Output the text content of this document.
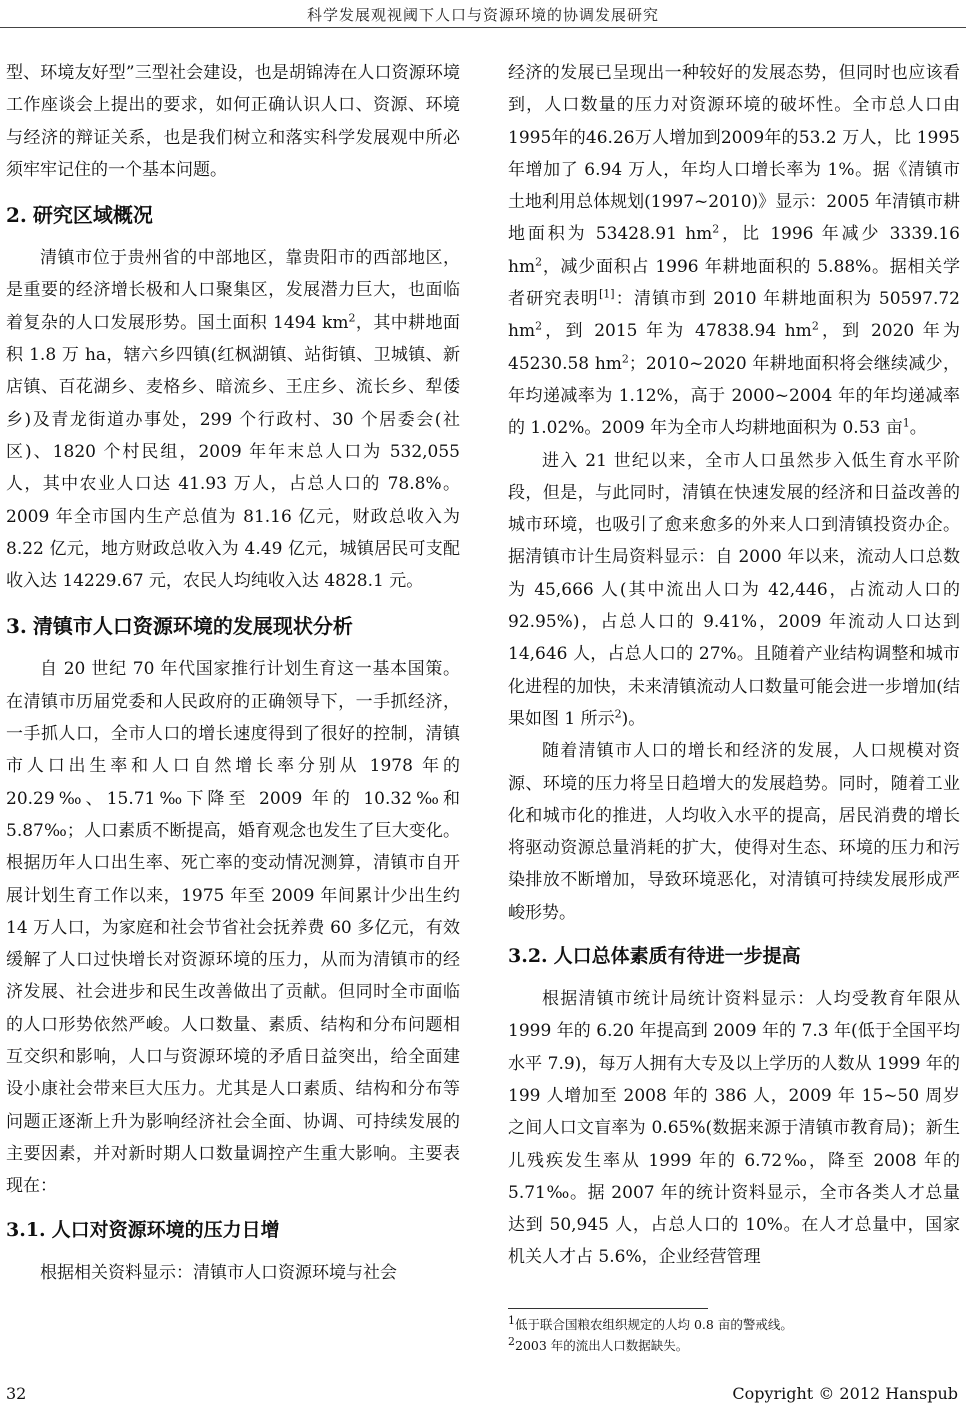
科学发展观视阈下人口与资源环境的协调发展研究

型、环境友好型”三型社会建设，也是胡锦涛在人口资源环境工作座谈会上提出的要求，如何正确认识人口、资源、环境与经济的辩证关系，也是我们树立和落实科学发展观中所必须牢牢记住的一个基本问题。

2. 研究区域概况

清镇市位于贵州省的中部地区，靠贵阳市的西部地区，是重要的经济增长极和人口聚集区，发展潜力巨大，也面临着复杂的人口发展形势。国土面积 1494 $km^2$，其中耕地面积 1.8 万 ha，辖六乡四镇(红枫湖镇、站街镇、卫城镇、新店镇、百花湖乡、麦格乡、暗流乡、王庄乡、流长乡、犁倭乡)及青龙街道办事处，299 个行政村、30 个居委会(社区)、1820 个村民组，2009 年年末总人口为 532,055 人，其中农业人口达 41.93 万人，占总人口的 78.8%。2009 年全市国内生产总值为 81.16 亿元，财政总收入为 8.22 亿元，地方财政总收入为 4.49 亿元，城镇居民可支配收入达 14229.67 元，农民人均纯收入达 4828.1 元。

3. 清镇市人口资源环境的发展现状分析

自 20 世纪 70 年代国家推行计划生育这一基本国策。在清镇市历届党委和人民政府的正确领导下，一手抓经济，一手抓人口，全市人口的增长速度得到了很好的控制，清镇市人口出生率和人口自然增长率分别从 1978 年的 20.29‰、15.71‰下降至 2009 年的 10.32‰和 5.87‰；人口素质不断提高，婚育观念也发生了巨大变化。根据历年人口出生率、死亡率的变动情况测算，清镇市自开展计划生育工作以来，1975 年至 2009 年间累计少出生约 14 万人口，为家庭和社会节省社会抚养费 60 多亿元，有效缓解了人口过快增长对资源环境的压力，从而为清镇市的经济发展、社会进步和民生改善做出了贡献。但同时全市面临的人口形势依然严峻。人口数量、素质、结构和分布问题相互交织和影响，人口与资源环境的矛盾日益突出，给全面建设小康社会带来巨大压力。尤其是人口素质、结构和分布等问题正逐渐上升为影响经济社会全面、协调、可持续发展的主要因素，并对新时期人口数量调控产生重大影响。主要表现在：

3.1. 人口对资源环境的压力日增

根据相关资料显示：清镇市人口资源环境与社会

经济的发展已呈现出一种较好的发展态势，但同时也应该看到，人口数量的压力对资源环境的破坏性。全市总人口由1995年的46.26万人增加到2009年的53.2 万人，比 1995 年增加了 6.94 万人，年均人口增长率为 1%。据《清镇市土地利用总体规划(1997~2010)》显示：2005 年清镇市耕地面积为 53428.91 $hm^2$，比 1996 年减少 3339.16 $hm^2$，减少面积占 1996 年耕地面积的 5.88%。据相关学者研究表明[1]：清镇市到 2010 年耕地面积为 50597.72 $hm^2$，到 2015 年为 47838.94 $hm^2$，到 2020 年为 45230.58 $hm^2$；2010~2020 年耕地面积将会继续减少，年均递减率为 1.12%，高于 2000~2004 年的年均递减率的 1.02%。2009 年为全市人均耕地面积为 0.53 亩$^1$。

进入 21 世纪以来，全市人口虽然步入低生育水平阶段，但是，与此同时，清镇在快速发展的经济和日益改善的城市环境，也吸引了愈来愈多的外来人口到清镇投资办企。据清镇市计生局资料显示：自 2000 年以来，流动人口总数为 45,666 人(其中流出人口为 42,446，占流动人口的 92.95%)，占总人口的 9.41%，2009 年流动人口达到 14,646 人，占总人口的 27%。且随着产业结构调整和城市化进程的加快，未来清镇流动人口数量可能会进一步增加(结果如图 1 所示$^2$)。

随着清镇市人口的增长和经济的发展，人口规模对资源、环境的压力将呈日趋增大的发展趋势。同时，随着工业化和城市化的推进，人均收入水平的提高，居民消费的增长将驱动资源总量消耗的扩大，使得对生态、环境的压力和污染排放不断增加，导致环境恶化，对清镇可持续发展形成严峻形势。

3.2. 人口总体素质有待进一步提高

根据清镇市统计局统计资料显示：人均受教育年限从 1999 年的 6.20 年提高到 2009 年的 7.3 年(低于全国平均水平 7.9)，每万人拥有大专及以上学历的人数从 1999 年的 199 人增加至 2008 年的 386 人，2009 年 15~50 周岁之间人口文盲率为 0.65%(数据来源于清镇市教育局)；新生儿残疾发生率从 1999 年的 6.72‰，降至 2008 年的 5.71‰。据 2007 年的统计资料显示，全市各类人才总量达到 50,945 人，占总人口的 10%。在人才总量中，国家机关人才占 5.6%，企业经营管理

$^1$低于联合国粮农组织规定的人均 0.8 亩的警戒线。
$^2$2003 年的流出人口数据缺失。
32	Copyright © 2012 Hanspub
